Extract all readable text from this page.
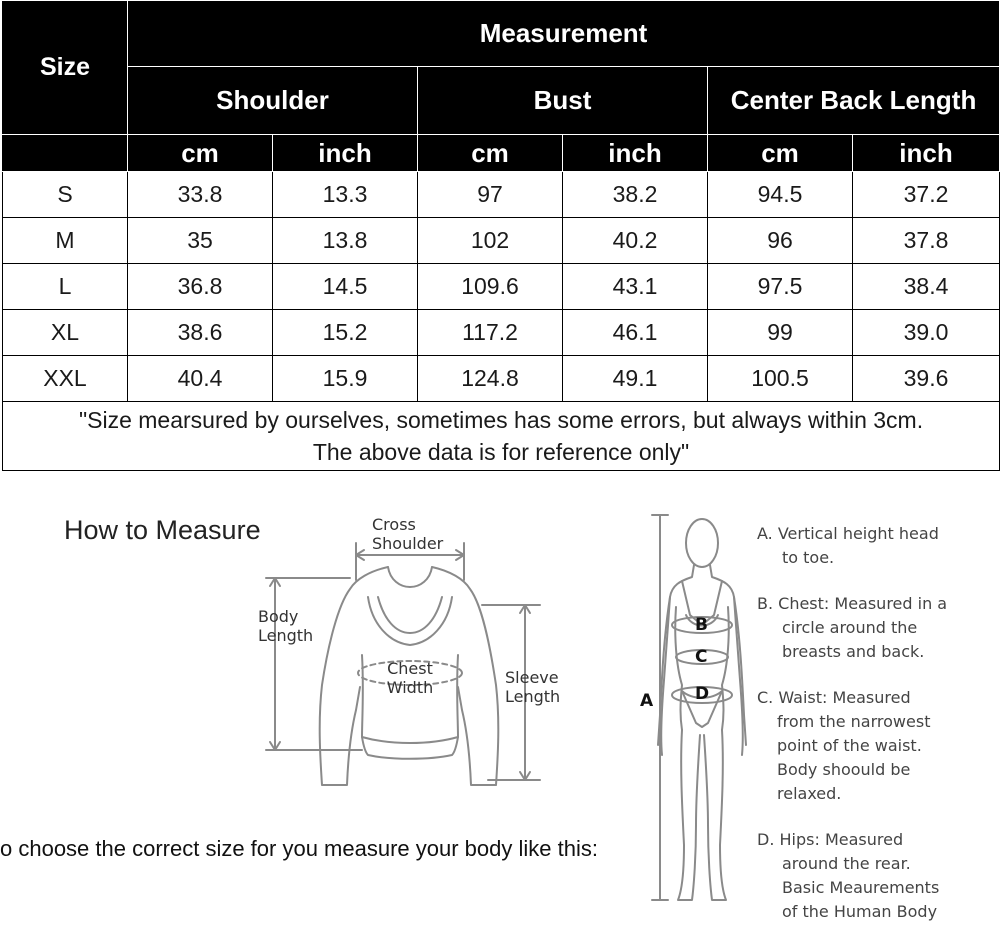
Size	Measurement					
	Shoulder		Bust		Center Back Length	
	cm	inch	cm	inch	cm	inch
S	33.8	13.3	97	38.2	94.5	37.2
M	35	13.8	102	40.2	96	37.8
L	36.8	14.5	109.6	43.1	97.5	38.4
XL	38.6	15.2	117.2	46.1	99	39.0
XXL	40.4	15.9	124.8	49.1	100.5	39.6

"Size mearsured by ourselves, sometimes has some errors, but always within 3cm.
The above data is for reference only"						
How to Measure	Cross
Shoulder
Body
Length
Chest
Width
Sleeve
Length	A
B
C
D
A. Vertical height head
to toe.
B. Chest: Measured in a
circle around the
breasts and back.
C. Waist: Measured
from the narrowest
point of the waist.
Body shoould be
relaxed.
D. Hips: Measured
around the rear.
Basic Meaurements
of the Human Body
o choose the correct size for you measure your body like this:
